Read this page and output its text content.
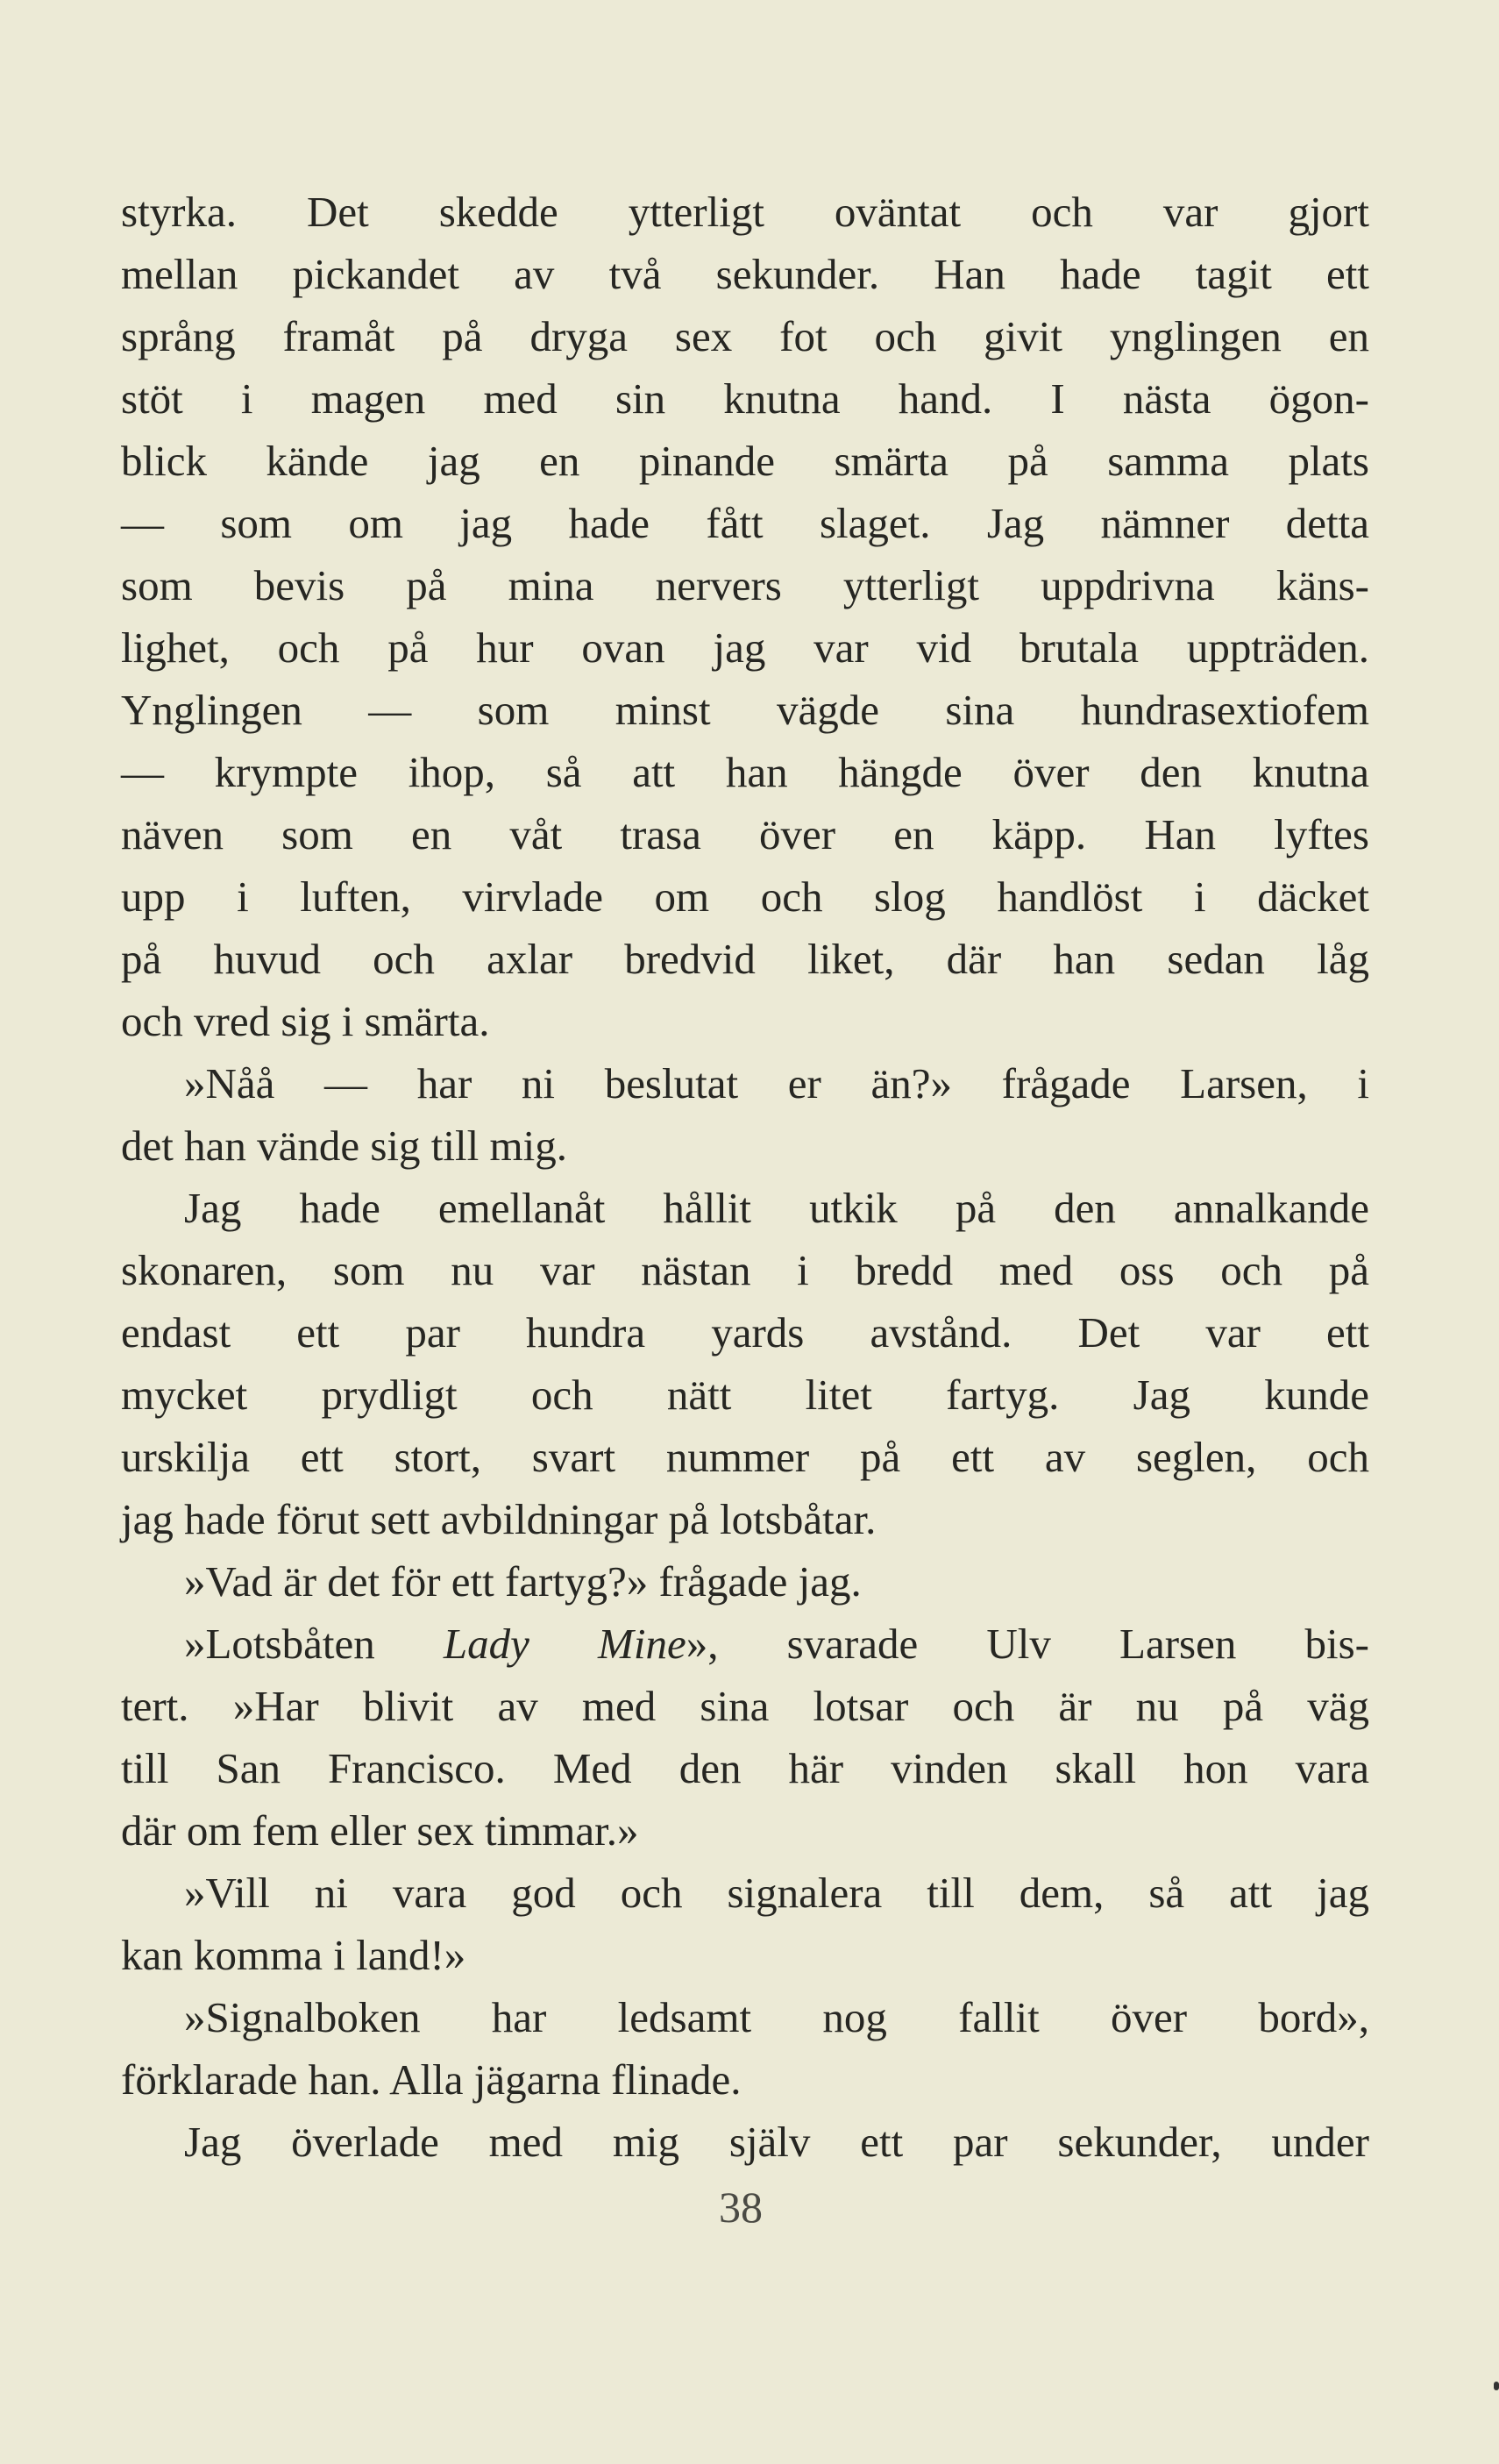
styrka. Det skedde ytterligt oväntat och var gjort
mellan pickandet av två sekunder. Han hade tagit ett
språng framåt på dryga sex fot och givit ynglingen en
stöt i magen med sin knutna hand. I nästa ögon-
blick kände jag en pinande smärta på samma plats
— som om jag hade fått slaget. Jag nämner detta
som bevis på mina nervers ytterligt uppdrivna käns-
lighet, och på hur ovan jag var vid brutala uppträden.
Ynglingen — som minst vägde sina hundrasextiofem
— krympte ihop, så att han hängde över den knutna
näven som en våt trasa över en käpp. Han lyftes
upp i luften, virvlade om och slog handlöst i däcket
på huvud och axlar bredvid liket, där han sedan låg
och vred sig i smärta.
»Nåå — har ni beslutat er än?» frågade Larsen, i
det han vände sig till mig.
Jag hade emellanåt hållit utkik på den annalkande
skonaren, som nu var nästan i bredd med oss och på
endast ett par hundra yards avstånd. Det var ett
mycket prydligt och nätt litet fartyg. Jag kunde
urskilja ett stort, svart nummer på ett av seglen, och
jag hade förut sett avbildningar på lotsbåtar.
»Vad är det för ett fartyg?» frågade jag.
»Lotsbåten Lady Mine», svarade Ulv Larsen bis-
tert. »Har blivit av med sina lotsar och är nu på väg
till San Francisco. Med den här vinden skall hon vara
där om fem eller sex timmar.»
»Vill ni vara god och signalera till dem, så att jag
kan komma i land!»
»Signalboken har ledsamt nog fallit över bord»,
förklarade han. Alla jägarna flinade.
Jag överlade med mig själv ett par sekunder, under
38
